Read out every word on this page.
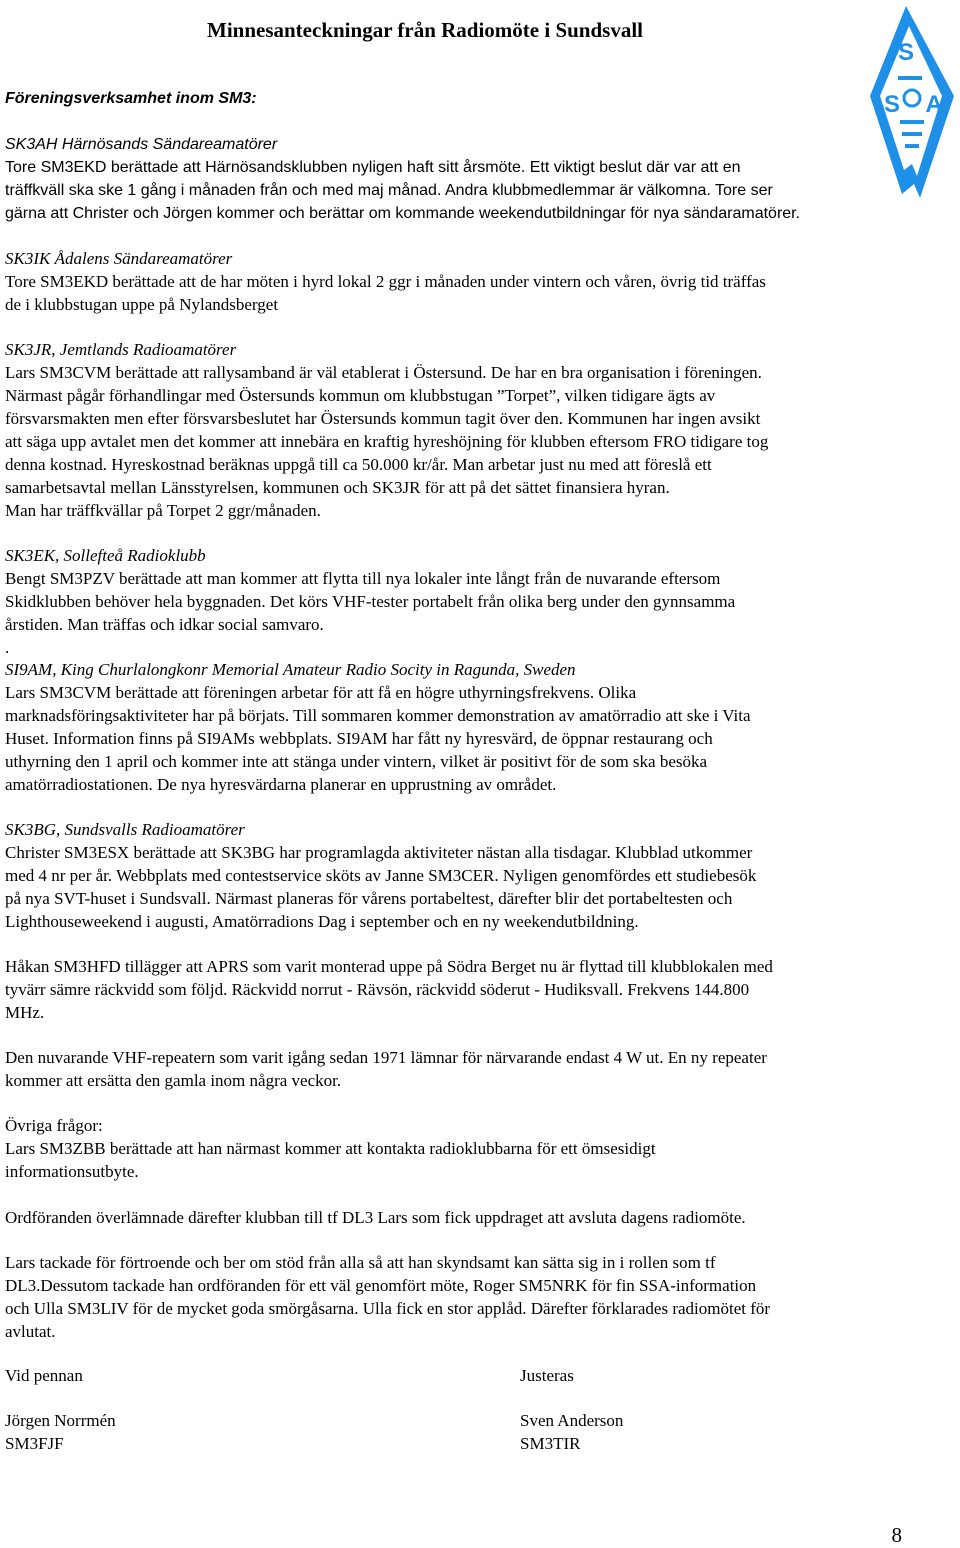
Minnesanteckningar från Radiomöte i Sundsvall
S
S A
Föreningsverksamhet inom SM3:
SK3AH Härnösands Sändareamatörer
Tore SM3EKD berättade att Härnösandsklubben nyligen haft sitt årsmöte. Ett viktigt beslut där var att en
träffkväll ska ske 1 gång i månaden från och med maj månad. Andra klubbmedlemmar är välkomna. Tore ser
gärna att Christer och Jörgen kommer och berättar om kommande weekendutbildningar för nya sändaramatörer.
SK3IK Ådalens Sändareamatörer
Tore SM3EKD berättade att de har möten i hyrd lokal 2 ggr i månaden under vintern och våren, övrig tid träffas
de i klubbstugan uppe på Nylandsberget
SK3JR, Jemtlands Radioamatörer
Lars SM3CVM berättade att rallysamband är väl etablerat i Östersund. De har en bra organisation i föreningen.
Närmast pågår förhandlingar med Östersunds kommun om klubbstugan ”Torpet”, vilken tidigare ägts av
försvarsmakten men efter försvarsbeslutet har Östersunds kommun tagit över den. Kommunen har ingen avsikt
att säga upp avtalet men det kommer att innebära en kraftig hyreshöjning för klubben eftersom FRO tidigare tog
denna kostnad. Hyreskostnad beräknas uppgå till ca 50.000 kr/år. Man arbetar just nu med att föreslå ett
samarbetsavtal mellan Länsstyrelsen, kommunen och SK3JR för att på det sättet finansiera hyran.
Man har träffkvällar på Torpet 2 ggr/månaden.
SK3EK, Sollefteå Radioklubb
Bengt SM3PZV berättade att man kommer att flytta till nya lokaler inte långt från de nuvarande eftersom
Skidklubben behöver hela byggnaden. Det körs VHF-tester portabelt från olika berg under den gynnsamma
årstiden. Man träffas och idkar social samvaro.
.
SI9AM, King Churlalongkonr Memorial Amateur Radio Socity in Ragunda, Sweden
Lars SM3CVM berättade att föreningen arbetar för att få en högre uthyrningsfrekvens. Olika
marknadsföringsaktiviteter har på börjats. Till sommaren kommer demonstration av amatörradio att ske i Vita
Huset. Information finns på SI9AMs webbplats. SI9AM har fått ny hyresvärd, de öppnar restaurang och
uthyrning den 1 april och kommer inte att stänga under vintern, vilket är positivt för de som ska besöka
amatörradiostationen. De nya hyresvärdarna planerar en upprustning av området.
SK3BG, Sundsvalls Radioamatörer
Christer SM3ESX berättade att SK3BG har programlagda aktiviteter nästan alla tisdagar. Klubblad utkommer
med 4 nr per år. Webbplats med contestservice sköts av Janne SM3CER. Nyligen genomfördes ett studiebesök
på nya SVT-huset i Sundsvall. Närmast planeras för vårens portabeltest, därefter blir det portabeltesten och
Lighthouseweekend i augusti, Amatörradions Dag i september och en ny weekendutbildning.
Håkan SM3HFD tillägger att APRS som varit monterad uppe på Södra Berget nu är flyttad till klubblokalen med
tyvärr sämre räckvidd som följd. Räckvidd norrut - Rävsön, räckvidd söderut - Hudiksvall. Frekvens 144.800
MHz.
Den nuvarande VHF-repeatern som varit igång sedan 1971 lämnar för närvarande endast 4 W ut. En ny repeater
kommer att ersätta den gamla inom några veckor.
Övriga frågor:
Lars SM3ZBB berättade att han närmast kommer att kontakta radioklubbarna för ett ömsesidigt
informationsutbyte.
Ordföranden överlämnade därefter klubban till tf DL3 Lars som fick uppdraget att avsluta dagens radiomöte.
Lars tackade för förtroende och ber om stöd från alla så att han skyndsamt kan sätta sig in i rollen som tf
DL3.Dessutom tackade han ordföranden för ett väl genomfört möte, Roger SM5NRK för fin SSA-information
och Ulla SM3LIV för de mycket goda smörgåsarna. Ulla fick en stor applåd. Därefter förklarades radiomötet för
avlutat.
Vid pennan
Jörgen Norrmén
SM3FJF
Justeras
Sven Anderson
SM3TIR
8
